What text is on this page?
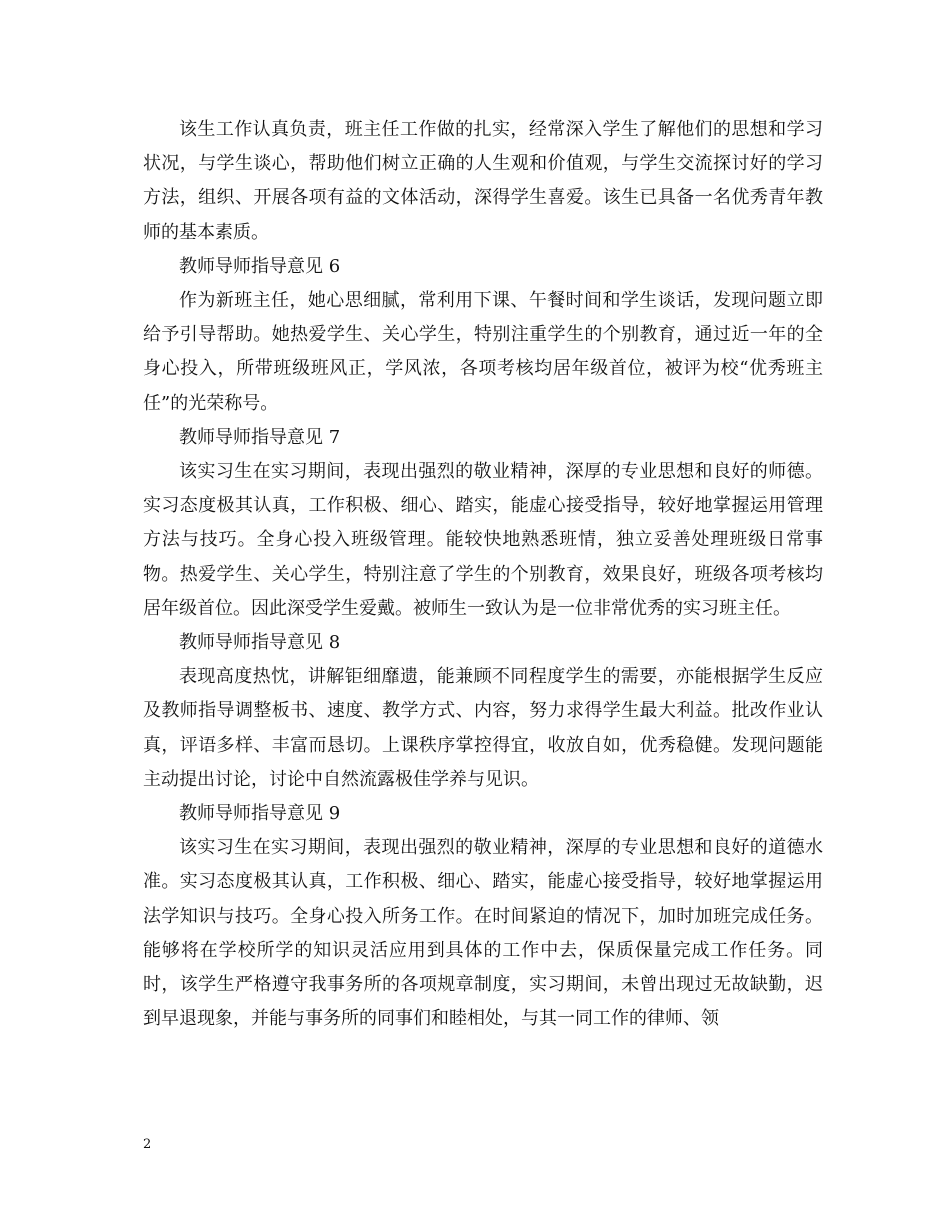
该生工作认真负责，班主任工作做的扎实，经常深入学生了解他们的思想和学习状况，与学生谈心，帮助他们树立正确的人生观和价值观，与学生交流探讨好的学习方法，组织、开展各项有益的文体活动，深得学生喜爱。该生已具备一名优秀青年教师的基本素质。

教师导师指导意见 6

作为新班主任，她心思细腻，常利用下课、午餐时间和学生谈话，发现问题立即给予引导帮助。她热爱学生、关心学生，特别注重学生的个别教育，通过近一年的全身心投入，所带班级班风正，学风浓，各项考核均居年级首位，被评为校“优秀班主任”的光荣称号。

教师导师指导意见 7

该实习生在实习期间，表现出强烈的敬业精神，深厚的专业思想和良好的师德。实习态度极其认真，工作积极、细心、踏实，能虚心接受指导，较好地掌握运用管理方法与技巧。全身心投入班级管理。能较快地熟悉班情，独立妥善处理班级日常事物。热爱学生、关心学生，特别注意了学生的个别教育，效果良好，班级各项考核均居年级首位。因此深受学生爱戴。被师生一致认为是一位非常优秀的实习班主任。

教师导师指导意见 8

表现高度热忱，讲解钜细靡遗，能兼顾不同程度学生的需要，亦能根据学生反应及教师指导调整板书、速度、教学方式、内容，努力求得学生最大利益。批改作业认真，评语多样、丰富而恳切。上课秩序掌控得宜，收放自如，优秀稳健。发现问题能主动提出讨论，讨论中自然流露极佳学养与见识。

教师导师指导意见 9

该实习生在实习期间，表现出强烈的敬业精神，深厚的专业思想和良好的道德水准。实习态度极其认真，工作积极、细心、踏实，能虚心接受指导，较好地掌握运用法学知识与技巧。全身心投入所务工作。在时间紧迫的情况下，加时加班完成任务。能够将在学校所学的知识灵活应用到具体的工作中去，保质保量完成工作任务。同时，该学生严格遵守我事务所的各项规章制度，实习期间，未曾出现过无故缺勤，迟到早退现象，并能与事务所的同事们和睦相处，与其一同工作的律师、领

2
